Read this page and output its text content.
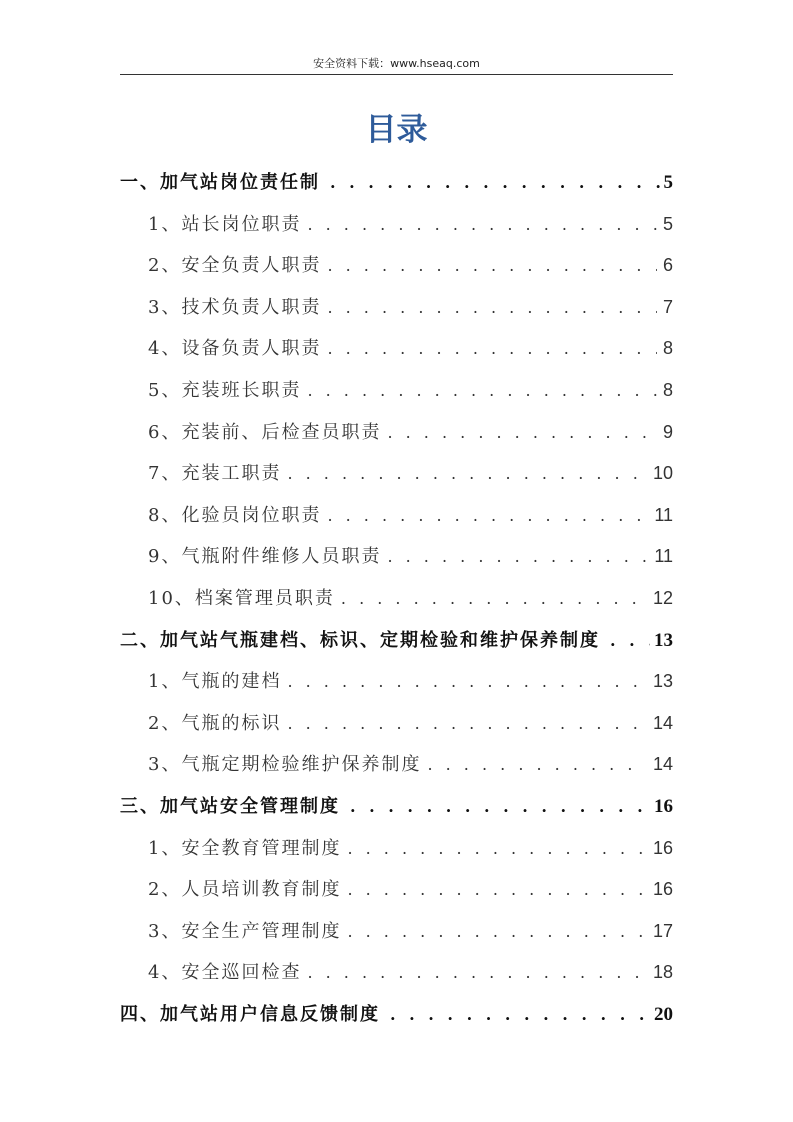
安全资料下载：www.hseaq.com
目录
一、加气站岗位责任制 . . .	5
1、站长岗位职责 . . .	5
2、安全负责人职责 . . .	6
3、技术负责人职责 . . .	7
4、设备负责人职责 . . .	8
5、充装班长职责 . . .	8
6、充装前、后检查员职责 . . .	9
7、充装工职责 . . .	10
8、化验员岗位职责 . . .	11
9、气瓶附件维修人员职责 . . .	11
10、档案管理员职责 . . .	12
二、加气站气瓶建档、标识、定期检验和维护保养制度 . . .	13
1、气瓶的建档 . . .	13
2、气瓶的标识 . . .	14
3、气瓶定期检验维护保养制度 . . .	14
三、加气站安全管理制度 . . .	16
1、安全教育管理制度 . . .	16
2、人员培训教育制度 . . .	16
3、安全生产管理制度 . . .	17
4、安全巡回检查 . . .	18
四、加气站用户信息反馈制度 . . .	20
